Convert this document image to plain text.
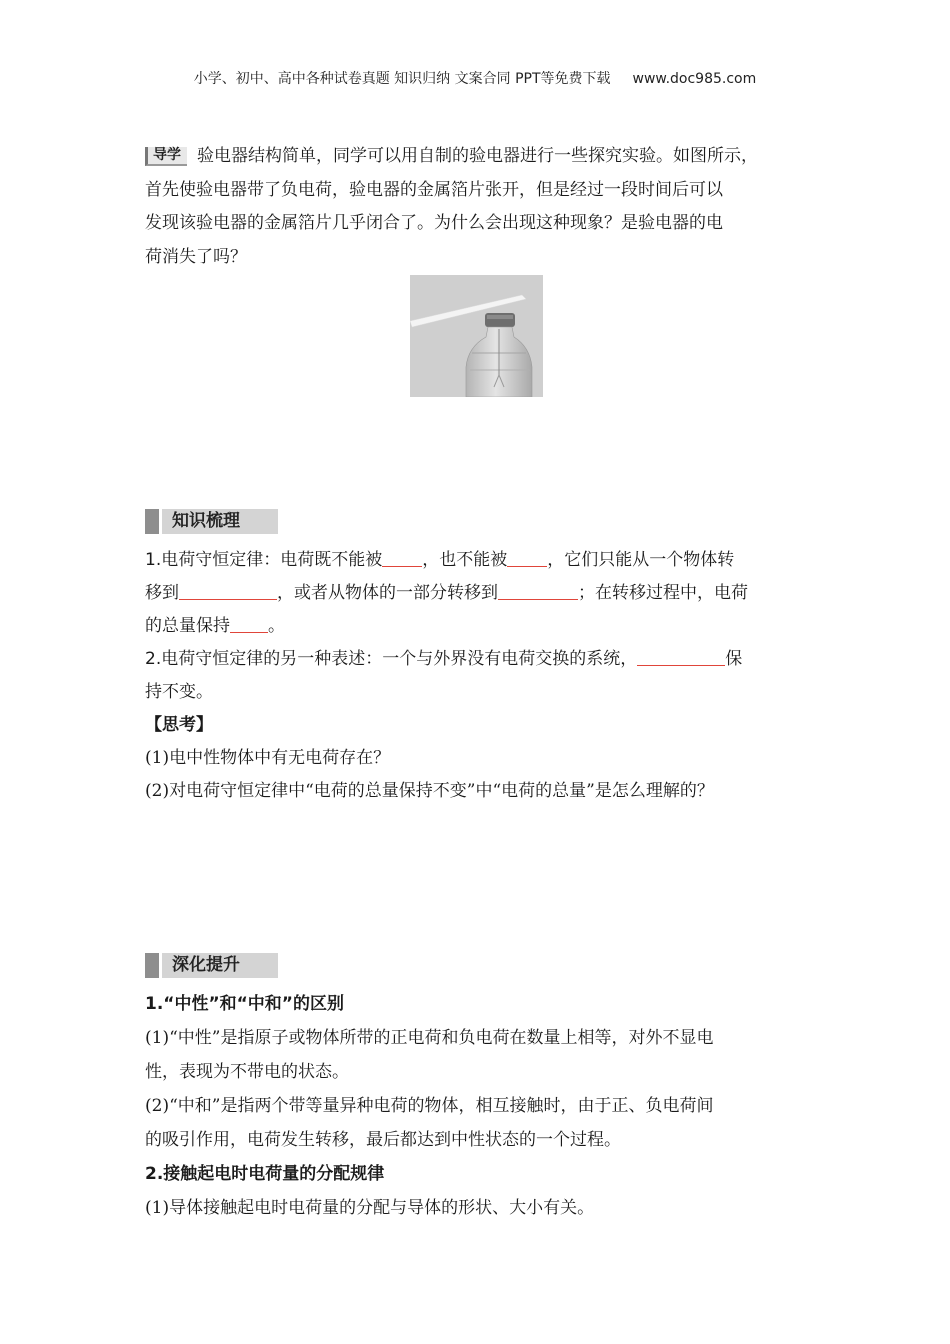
小学、初中、高中各种试卷真题 知识归纳 文案合同 PPT等免费下载 www.doc985.com

导学 验电器结构简单，同学可以用自制的验电器进行一些探究实验。如图所示，

首先使验电器带了负电荷，验电器的金属箔片张开，但是经过一段时间后可以

发现该验电器的金属箔片几乎闭合了。为什么会出现这种现象？是验电器的电

荷消失了吗？

知识梳理

1.电荷守恒定律：电荷既不能被 ，也不能被 ，它们只能从一个物体转

移到	，或者从物体的一部分转移到	；在转移过程中，电荷

的总量保持 。

2.电荷守恒定律的另一种表述：一个与外界没有电荷交换的系统，	保

持不变。

【思考】

(1)电中性物体中有无电荷存在？

(2)对电荷守恒定律中“电荷的总量保持不变”中“电荷的总量”是怎么理解的？

深化提升

1.“中性”和“中和”的区别

(1)“中性”是指原子或物体所带的正电荷和负电荷在数量上相等，对外不显电

性，表现为不带电的状态。

(2)“中和”是指两个带等量异种电荷的物体，相互接触时，由于正、负电荷间

的吸引作用，电荷发生转移，最后都达到中性状态的一个过程。

2.接触起电时电荷量的分配规律

(1)导体接触起电时电荷量的分配与导体的形状、大小有关。
